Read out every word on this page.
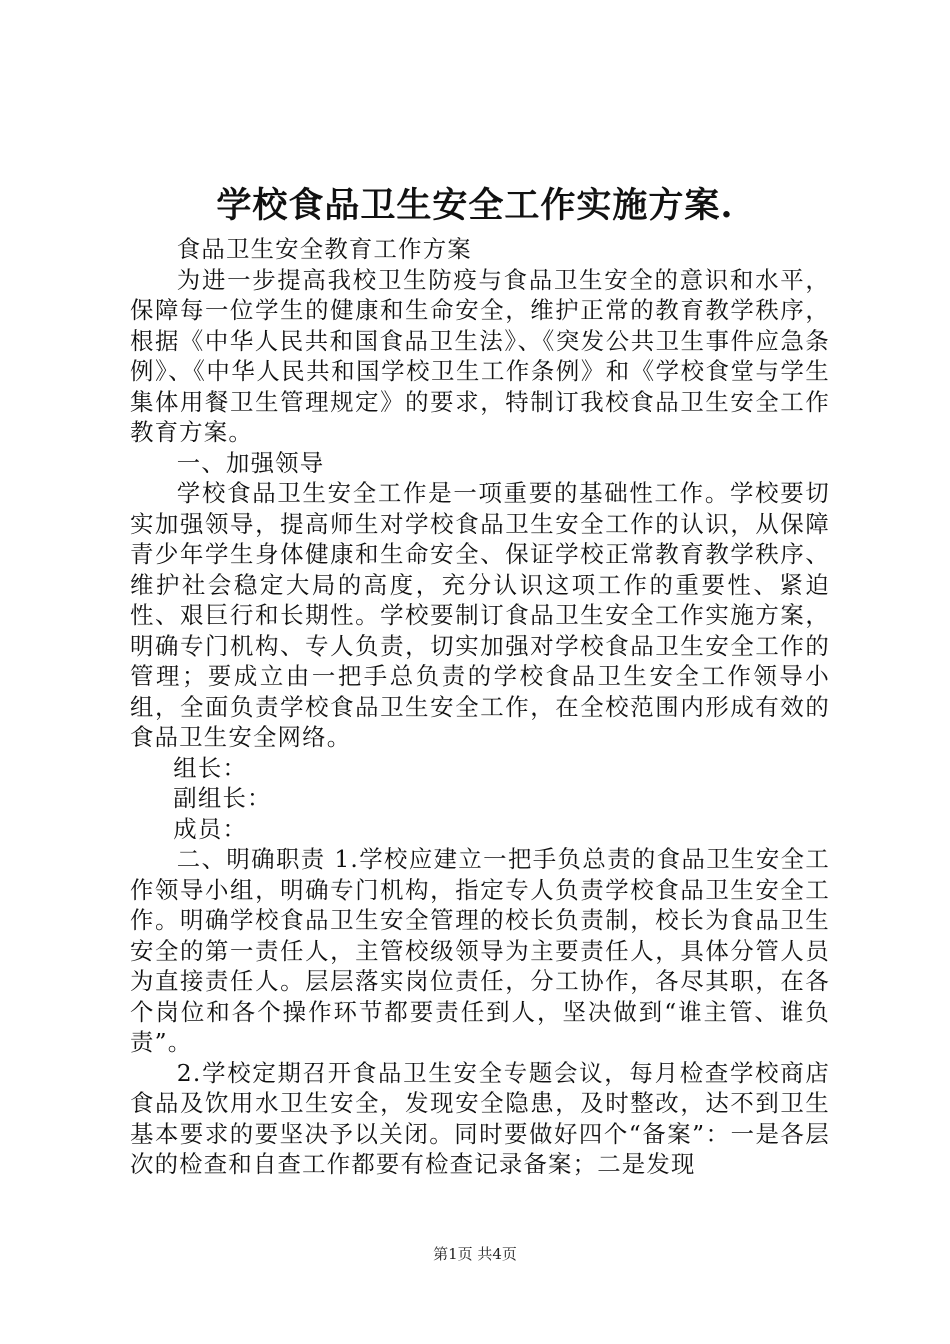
学校食品卫生安全工作实施方案.

食品卫生安全教育工作方案

为进一步提高我校卫生防疫与食品卫生安全的意识和水平，保障每一位学生的健康和生命安全，维护正常的教育教学秩序，根据《中华人民共和国食品卫生法》、《突发公共卫生事件应急条例》、《中华人民共和国学校卫生工作条例》和《学校食堂与学生集体用餐卫生管理规定》的要求，特制订我校食品卫生安全工作教育方案。

一、加强领导

学校食品卫生安全工作是一项重要的基础性工作。学校要切实加强领导，提高师生对学校食品卫生安全工作的认识，从保障青少年学生身体健康和生命安全、保证学校正常教育教学秩序、维护社会稳定大局的高度，充分认识这项工作的重要性、紧迫性、艰巨行和长期性。学校要制订食品卫生安全工作实施方案，明确专门机构、专人负责，切实加强对学校食品卫生安全工作的管理；要成立由一把手总负责的学校食品卫生安全工作领导小组，全面负责学校食品卫生安全工作，在全校范围内形成有效的食品卫生安全网络。

组长：

副组长：

成员：

二、明确职责 1.学校应建立一把手负总责的食品卫生安全工作领导小组，明确专门机构，指定专人负责学校食品卫生安全工作。明确学校食品卫生安全管理的校长负责制，校长为食品卫生安全的第一责任人，主管校级领导为主要责任人，具体分管人员为直接责任人。层层落实岗位责任，分工协作，各尽其职，在各个岗位和各个操作环节都要责任到人，坚决做到“谁主管、谁负责”。

2.学校定期召开食品卫生安全专题会议，每月检查学校商店食品及饮用水卫生安全，发现安全隐患，及时整改，达不到卫生基本要求的要坚决予以关闭。同时要做好四个“备案”：一是各层次的检查和自查工作都要有检查记录备案；二是发现

第1页 共4页
